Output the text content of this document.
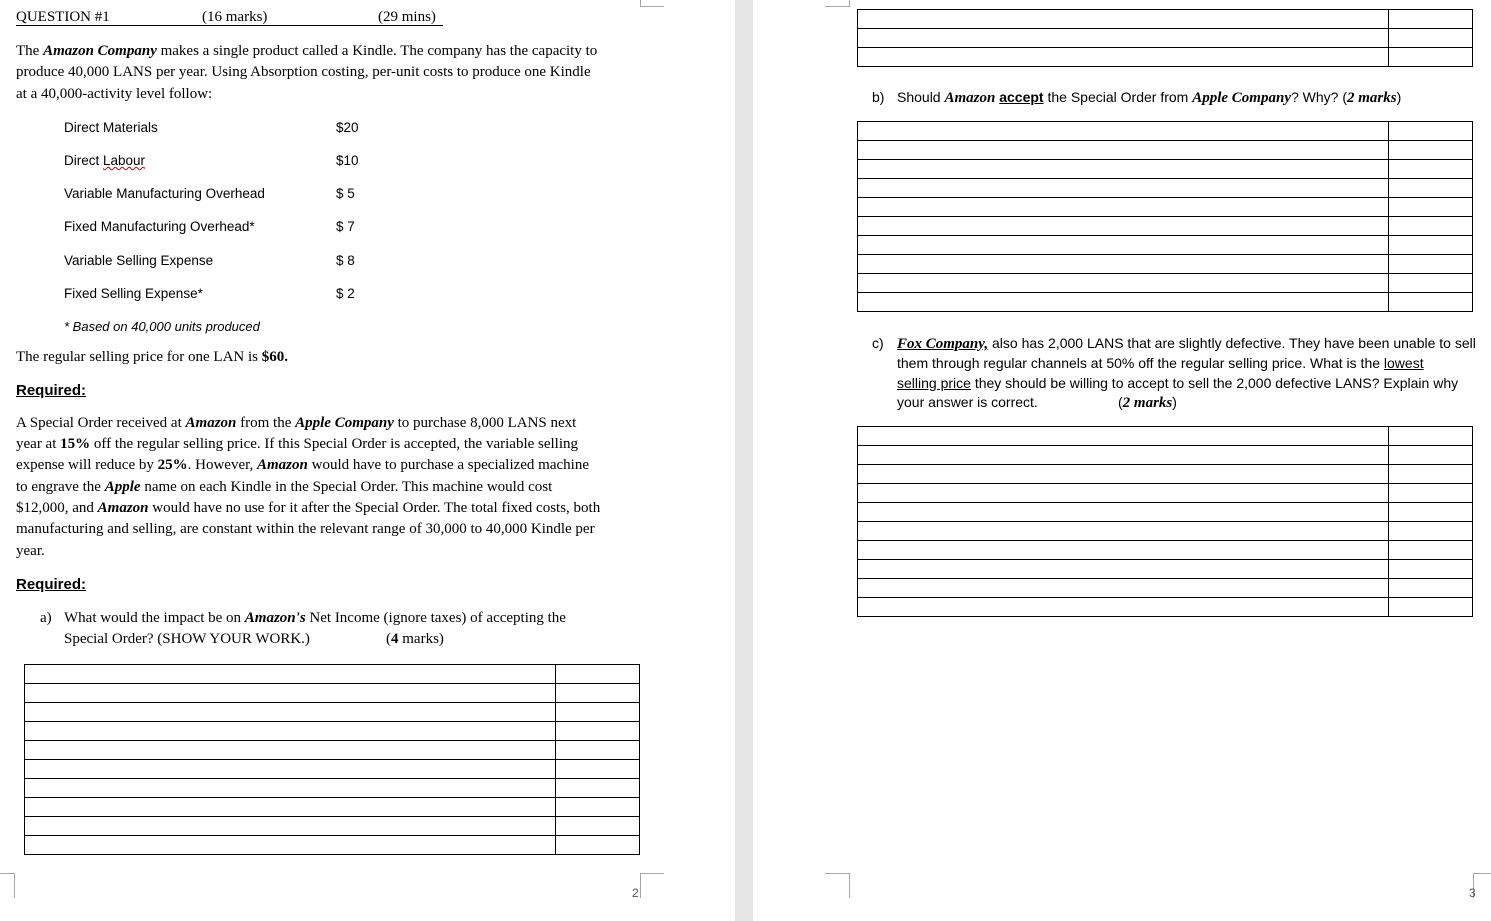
QUESTION #1	(16 marks)	(29 mins)
The Amazon Company makes a single product called a Kindle. The company has the capacity to
produce 40,000 LANS per year. Using Absorption costing, per-unit costs to produce one Kindle
at a 40,000-activity level follow:
Direct Materials	$20
Direct Labour	$10
Variable Manufacturing Overhead	$ 5
Fixed Manufacturing Overhead*	$ 7
Variable Selling Expense	$ 8
Fixed Selling Expense*	$ 2
* Based on 40,000 units produced
The regular selling price for one LAN is $60.
Required:
A Special Order received at Amazon from the Apple Company to purchase 8,000 LANS next
year at 15% off the regular selling price. If this Special Order is accepted, the variable selling
expense will reduce by 25%. However, Amazon would have to purchase a specialized machine
to engrave the Apple name on each Kindle in the Special Order. This machine would cost
$12,000, and Amazon would have no use for it after the Special Order. The total fixed costs, both
manufacturing and selling, are constant within the relevant range of 30,000 to 40,000 Kindle per
year.
Required:
a) What would the impact be on Amazon's Net Income (ignore taxes) of accepting the
Special Order? (SHOW YOUR WORK.)	(4 marks)

2

b) Should Amazon accept the Special Order from Apple Company? Why? (2 marks)

c) Fox Company, also has 2,000 LANS that are slightly defective. They have been unable to sell
them through regular channels at 50% off the regular selling price. What is the lowest
selling price they should be willing to accept to sell the 2,000 defective LANS? Explain why
your answer is correct.	(2 marks)

3
